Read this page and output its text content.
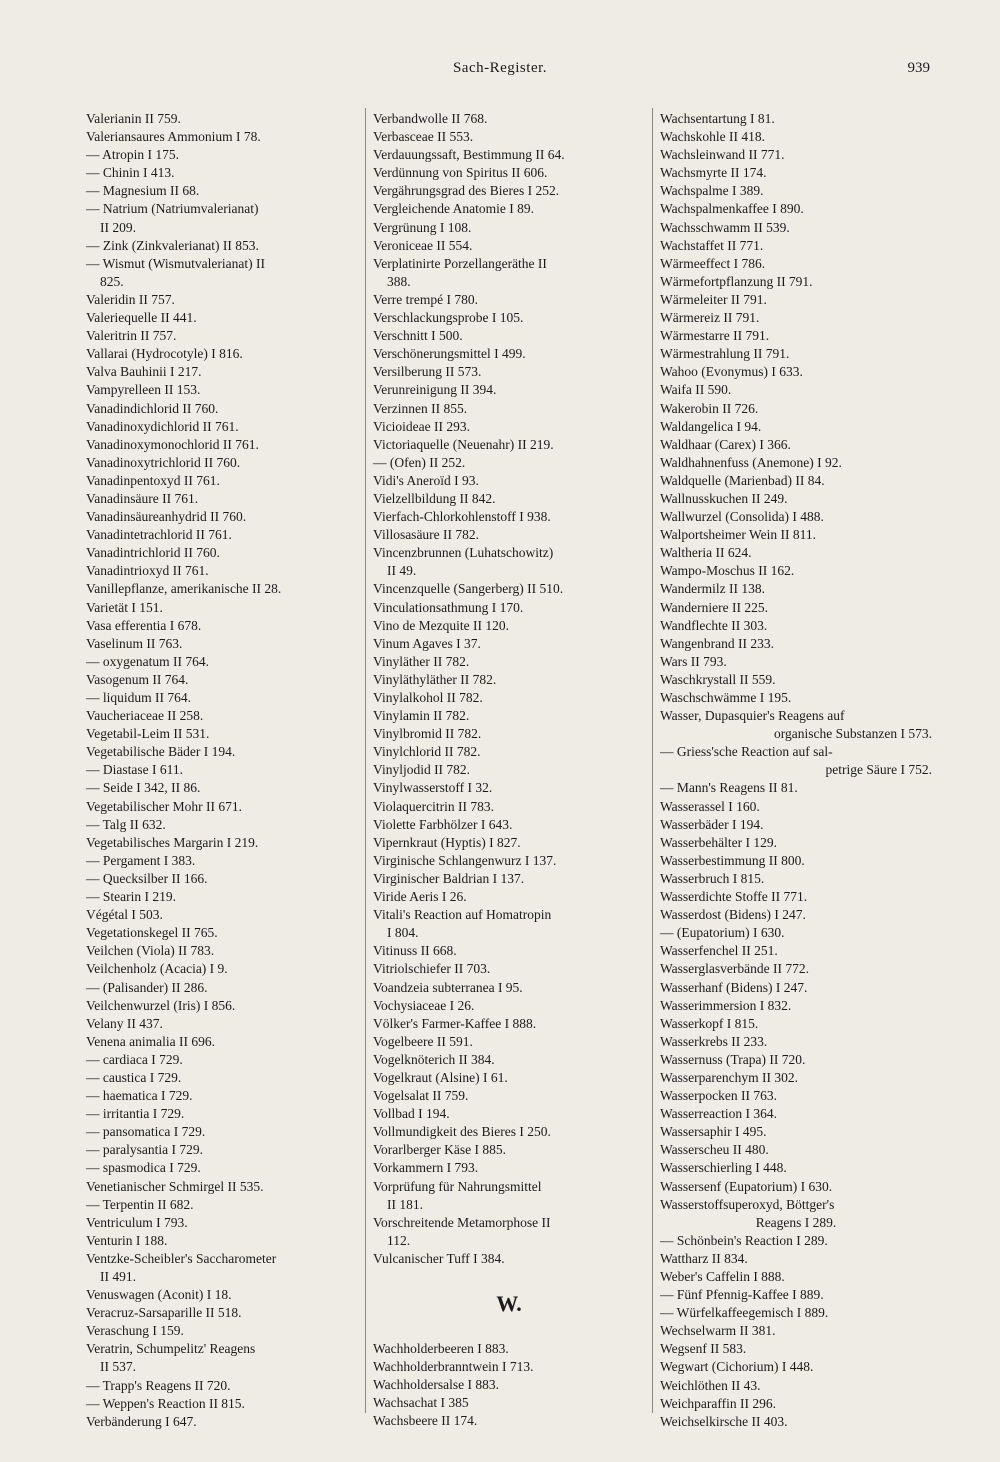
Sach-Register.	939
Valerianin II 759.
Valeriansaures Ammonium I 78.
— Atropin I 175.
— Chinin I 413.
— Magnesium II 68.
— Natrium (Natriumvalerianat)
II 209.
— Zink (Zinkvalerianat) II 853.
— Wismut (Wismutvalerianat) II
825.
Valeridin II 757.
Valeriequelle II 441.
Valeritrin II 757.
Vallarai (Hydrocotyle) I 816.
Valva Bauhinii I 217.
Vampyrelleen II 153.
Vanadindichlorid II 760.
Vanadinoxydichlorid II 761.
Vanadinoxymonochlorid II 761.
Vanadinoxytrichlorid II 760.
Vanadinpentoxyd II 761.
Vanadinsäure II 761.
Vanadinsäureanhydrid II 760.
Vanadintetrachlorid II 761.
Vanadintrichlorid II 760.
Vanadintrioxyd II 761.
Vanillepflanze, amerikanische II 28.
Varietät I 151.
Vasa efferentia I 678.
Vaselinum II 763.
— oxygenatum II 764.
Vasogenum II 764.
— liquidum II 764.
Vaucheriaceae II 258.
Vegetabil-Leim II 531.
Vegetabilische Bäder I 194.
— Diastase I 611.
— Seide I 342, II 86.
Vegetabilischer Mohr II 671.
— Talg II 632.
Vegetabilisches Margarin I 219.
— Pergament I 383.
— Quecksilber II 166.
— Stearin I 219.
Végétal I 503.
Vegetationskegel II 765.
Veilchen (Viola) II 783.
Veilchenholz (Acacia) I 9.
— (Palisander) II 286.
Veilchenwurzel (Iris) I 856.
Velany II 437.
Venena animalia II 696.
— cardiaca I 729.
— caustica I 729.
— haematica I 729.
— irritantia I 729.
— pansomatica I 729.
— paralysantia I 729.
— spasmodica I 729.
Venetianischer Schmirgel II 535.
— Terpentin II 682.
Ventriculum I 793.
Venturin I 188.
Ventzke-Scheibler's Saccharometer
II 491.
Venuswagen (Aconit) I 18.
Veracruz-Sarsaparille II 518.
Veraschung I 159.
Veratrin, Schumpelitz' Reagens
II 537.
— Trapp's Reagens II 720.
— Weppen's Reaction II 815.
Verbänderung I 647.
Verbandwolle II 768.
Verbasceae II 553.
Verdauungssaft, Bestimmung II 64.
Verdünnung von Spiritus II 606.
Vergährungsgrad des Bieres I 252.
Vergleichende Anatomie I 89.
Vergrünung I 108.
Veroniceae II 554.
Verplatinirte Porzellangeräthe II
388.
Verre trempé I 780.
Verschlackungsprobe I 105.
Verschnitt I 500.
Verschönerungsmittel I 499.
Versilberung II 573.
Verunreinigung II 394.
Verzinnen II 855.
Vicioideae II 293.
Victoriaquelle (Neuenahr) II 219.
— (Ofen) II 252.
Vidi's Aneroïd I 93.
Vielzellbildung II 842.
Vierfach-Chlorkohlenstoff I 938.
Villosasäure II 782.
Vincenzbrunnen (Luhatschowitz)
II 49.
Vincenzquelle (Sangerberg) II 510.
Vinculationsathmung I 170.
Vino de Mezquite II 120.
Vinum Agaves I 37.
Vinyläther II 782.
Vinyläthyläther II 782.
Vinylalkohol II 782.
Vinylamin II 782.
Vinylbromid II 782.
Vinylchlorid II 782.
Vinyljodid II 782.
Vinylwasserstoff I 32.
Violaquercitrin II 783.
Violette Farbhölzer I 643.
Vipernkraut (Hyptis) I 827.
Virginische Schlangenwurz I 137.
Virginischer Baldrian I 137.
Viride Aeris I 26.
Vitali's Reaction auf Homatropin
I 804.
Vitinuss II 668.
Vitriolschiefer II 703.
Voandzeia subterranea I 95.
Vochysiaceae I 26.
Völker's Farmer-Kaffee I 888.
Vogelbeere II 591.
Vogelknöterich II 384.
Vogelkraut (Alsine) I 61.
Vogelsalat II 759.
Vollbad I 194.
Vollmundigkeit des Bieres I 250.
Vorarlberger Käse I 885.
Vorkammern I 793.
Vorprüfung für Nahrungsmittel
II 181.
Vorschreitende Metamorphose II
112.
Vulcanischer Tuff I 384.
W.
Wachholderbeeren I 883.
Wachholderbranntwein I 713.
Wachholdersalse I 883.
Wachsachat I 385
Wachsbeere II 174.
Wachsentartung I 81.
Wachskohle II 418.
Wachsleinwand II 771.
Wachsmyrte II 174.
Wachspalme I 389.
Wachspalmenkaffee I 890.
Wachsschwamm II 539.
Wachstaffet II 771.
Wärmeeffect I 786.
Wärmefortpflanzung II 791.
Wärmeleiter II 791.
Wärmereiz II 791.
Wärmestarre II 791.
Wärmestrahlung II 791.
Wahoo (Evonymus) I 633.
Waifa II 590.
Wakerobin II 726.
Waldangelica I 94.
Waldhaar (Carex) I 366.
Waldhahnenfuss (Anemone) I 92.
Waldquelle (Marienbad) II 84.
Wallnusskuchen II 249.
Wallwurzel (Consolida) I 488.
Walportsheimer Wein II 811.
Waltheria II 624.
Wampo-Moschus II 162.
Wandermilz II 138.
Wanderniere II 225.
Wandflechte II 303.
Wangenbrand II 233.
Wars II 793.
Waschkrystall II 559.
Waschschwämme I 195.
Wasser, Dupasquier's Reagens auf
organische Substanzen I 573.
— Griess'sche Reaction auf sal-
petrige Säure I 752.
— Mann's Reagens II 81.
Wasserassel I 160.
Wasserbäder I 194.
Wasserbehälter I 129.
Wasserbestimmung II 800.
Wasserbruch I 815.
Wasserdichte Stoffe II 771.
Wasserdost (Bidens) I 247.
— (Eupatorium) I 630.
Wasserfenchel II 251.
Wasserglasverbände II 772.
Wasserhanf (Bidens) I 247.
Wasserimmersion I 832.
Wasserkopf I 815.
Wasserkrebs II 233.
Wassernuss (Trapa) II 720.
Wasserparenchym II 302.
Wasserpocken II 763.
Wasserreaction I 364.
Wassersaphir I 495.
Wasserscheu II 480.
Wasserschierling I 448.
Wassersenf (Eupatorium) I 630.
Wasserstoffsuperoxyd, Böttger's
Reagens I 289.
— Schönbein's Reaction I 289.
Wattharz II 834.
Weber's Caffelin I 888.
— Fünf Pfennig-Kaffee I 889.
— Würfelkaffeegemisch I 889.
Wechselwarm II 381.
Wegsenf II 583.
Wegwart (Cichorium) I 448.
Weichlöthen II 43.
Weichparaffin II 296.
Weichselkirsche II 403.
